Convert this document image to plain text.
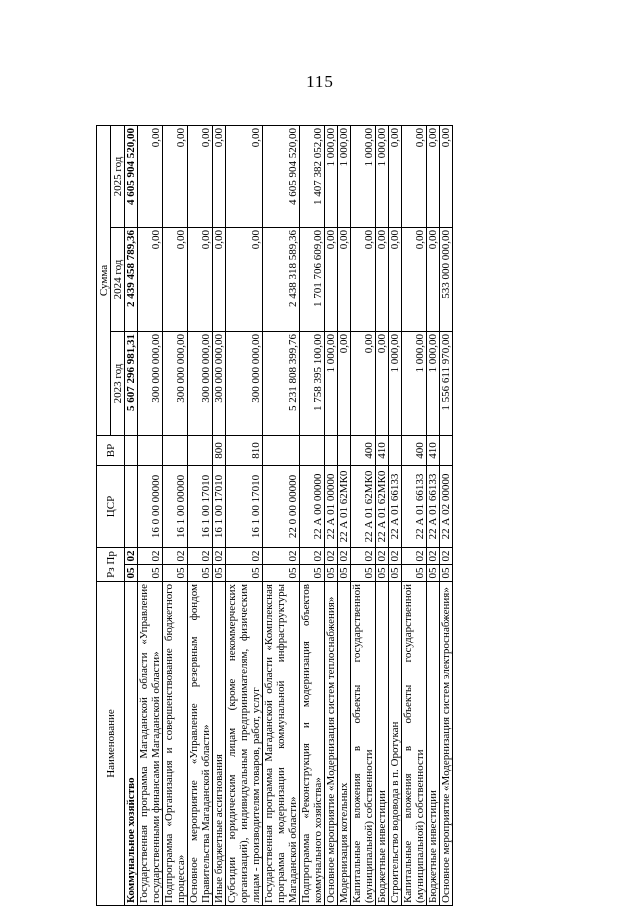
115
Наименование	Рз Пр		ЦСР	ВР	Сумма		
					2023 год	2024 год	2025 год
Коммунальное хозяйство	05	02			5 607 296 981,31	2 439 458 789,36	4 605 904 520,00
Государственная программа Магаданской области «Управление государственными финансами Магаданской области»	05	02	16 0 00 00000		300 000 000,00	0,00	0,00
Подпрограмма «Организация и совершенствование бюджетного процесса»	05	02	16 1 00 00000		300 000 000,00	0,00	0,00
Основное мероприятие «Управление резервным фондом Правительства Магаданской области»	05	02	16 1 00 17010		300 000 000,00	0,00	0,00
Иные бюджетные ассигнования	05	02	16 1 00 17010	800	300 000 000,00	0,00	0,00
Субсидии юридическим лицам (кроме некоммерческих организаций), индивидуальным предпринимателям, физическим лицам - производителям товаров, работ, услуг	05	02	16 1 00 17010	810	300 000 000,00	0,00	0,00
Государственная программа Магаданской области «Комплексная программа модернизации коммунальной инфраструктуры Магаданской области»	05	02	22 0 00 00000		5 231 808 399,76	2 438 318 589,36	4 605 904 520,00
Подпрограмма «Реконструкция и модернизация объектов коммунального хозяйства»	05	02	22 А 00 00000		1 758 395 100,00	1 701 706 609,00	1 407 382 052,00
Основное мероприятие «Модернизация систем теплоснабжения»	05	02	22 А 01 00000		1 000,00	0,00	1 000,00
Модернизация котельных	05	02	22 А 01 62МК0		0,00	0,00	1 000,00
Капитальные вложения в объекты государственной (муниципальной) собственности	05	02	22 А 01 62МК0	400	0,00	0,00	1 000,00
Бюджетные инвестиции	05	02	22 А 01 62МК0	410	0,00	0,00	1 000,00
Строительство водовода в п. Оротукан	05	02	22 А 01 66133		1 000,00	0,00	0,00
Капитальные вложения в объекты государственной (муниципальной) собственности	05	02	22 А 01 66133	400	1 000,00	0,00	0,00
Бюджетные инвестиции	05	02	22 А 01 66133	410	1 000,00	0,00	0,00
Основное мероприятие «Модернизация систем электроснабжения»	05	02	22 А 02 00000		1 556 611 970,00	533 000 000,00	0,00
